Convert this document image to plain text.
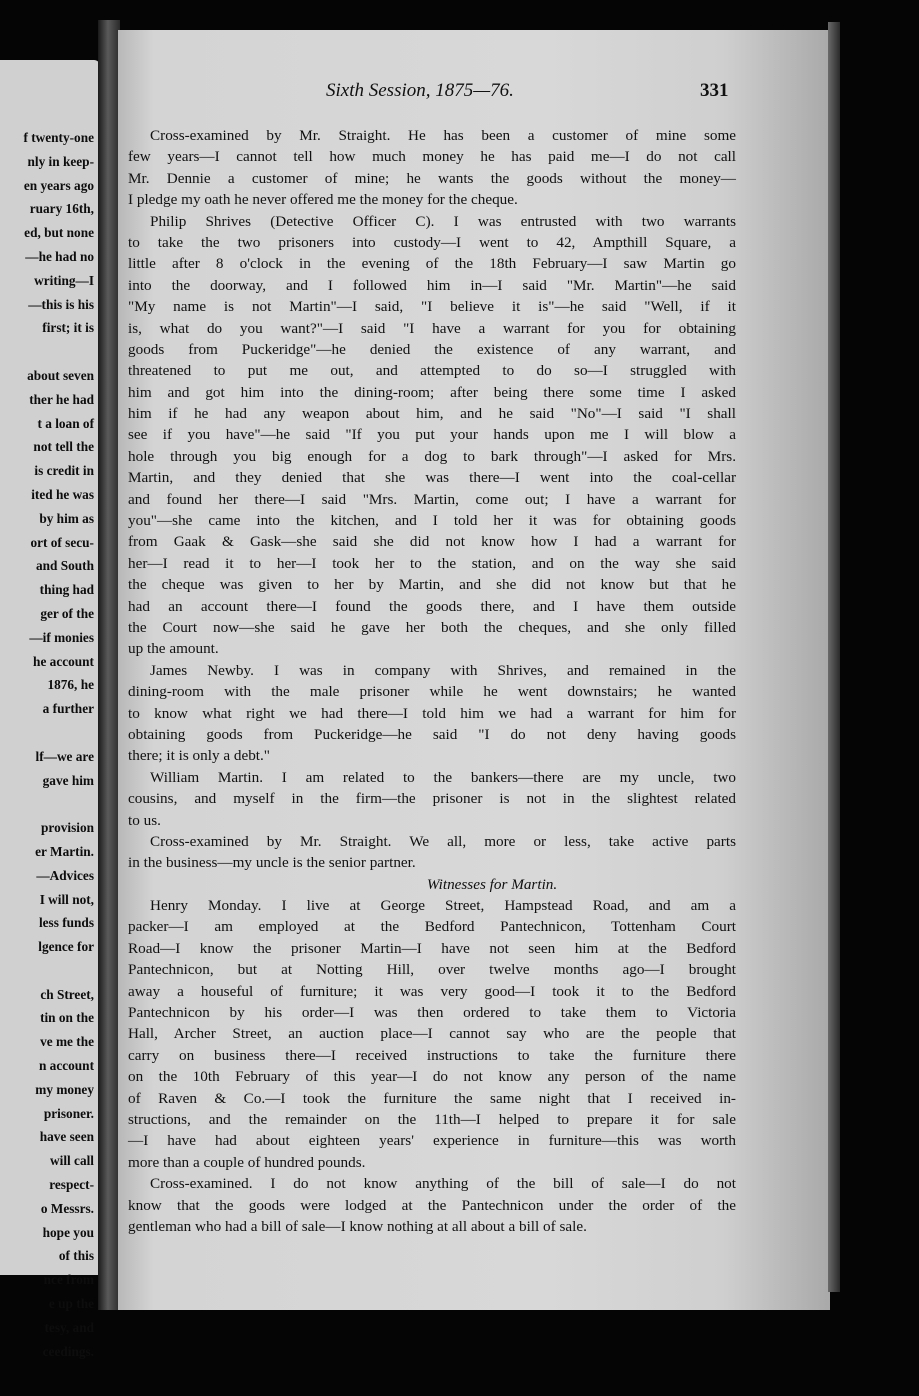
f twenty-one
nly in keep-
en years ago
ruary 16th,
ed, but none
—he had no
writing—I
—this is his
first; it is
about seven
ther he had
t a loan of
not tell the
is credit in
ited he was
by him as
ort of secu-
and South
thing had
ger of the
—if monies
he account
1876, he
a further
lf—we are
gave him
provision
er Martin.
—Advices
I will not,
less funds
lgence for
ch Street,
tin on the
ve me the
n account
my money
prisoner.
have seen
will call
respect-
o Messrs.
hope you
of this
nce from
e up the
tesy, and
ceedings.
Sixth Session, 1875—76.	331
Cross-examined by Mr. Straight. He has been a customer of mine some
few years—I cannot tell how much money he has paid me—I do not call
Mr. Dennie a customer of mine; he wants the goods without the money—
I pledge my oath he never offered me the money for the cheque.
Philip Shrives (Detective Officer C). I was entrusted with two warrants
to take the two prisoners into custody—I went to 42, Ampthill Square, a
little after 8 o'clock in the evening of the 18th February—I saw Martin go
into the doorway, and I followed him in—I said "Mr. Martin"—he said
"My name is not Martin"—I said, "I believe it is"—he said "Well, if it
is, what do you want?"—I said "I have a warrant for you for obtaining
goods from Puckeridge"—he denied the existence of any warrant, and
threatened to put me out, and attempted to do so—I struggled with
him and got him into the dining-room; after being there some time I asked
him if he had any weapon about him, and he said "No"—I said "I shall
see if you have"—he said "If you put your hands upon me I will blow a
hole through you big enough for a dog to bark through"—I asked for Mrs.
Martin, and they denied that she was there—I went into the coal-cellar
and found her there—I said "Mrs. Martin, come out; I have a warrant for
you"—she came into the kitchen, and I told her it was for obtaining goods
from Gaak & Gask—she said she did not know how I had a warrant for
her—I read it to her—I took her to the station, and on the way she said
the cheque was given to her by Martin, and she did not know but that he
had an account there—I found the goods there, and I have them outside
the Court now—she said he gave her both the cheques, and she only filled
up the amount.
James Newby. I was in company with Shrives, and remained in the
dining-room with the male prisoner while he went downstairs; he wanted
to know what right we had there—I told him we had a warrant for him for
obtaining goods from Puckeridge—he said "I do not deny having goods
there; it is only a debt."
William Martin. I am related to the bankers—there are my uncle, two
cousins, and myself in the firm—the prisoner is not in the slightest related
to us.
Cross-examined by Mr. Straight. We all, more or less, take active parts
in the business—my uncle is the senior partner.
Witnesses for Martin.
Henry Monday. I live at George Street, Hampstead Road, and am a
packer—I am employed at the Bedford Pantechnicon, Tottenham Court
Road—I know the prisoner Martin—I have not seen him at the Bedford
Pantechnicon, but at Notting Hill, over twelve months ago—I brought
away a houseful of furniture; it was very good—I took it to the Bedford
Pantechnicon by his order—I was then ordered to take them to Victoria
Hall, Archer Street, an auction place—I cannot say who are the people that
carry on business there—I received instructions to take the furniture there
on the 10th February of this year—I do not know any person of the name
of Raven & Co.—I took the furniture the same night that I received in-
structions, and the remainder on the 11th—I helped to prepare it for sale
—I have had about eighteen years' experience in furniture—this was worth
more than a couple of hundred pounds.
Cross-examined. I do not know anything of the bill of sale—I do not
know that the goods were lodged at the Pantechnicon under the order of the
gentleman who had a bill of sale—I know nothing at all about a bill of sale.
